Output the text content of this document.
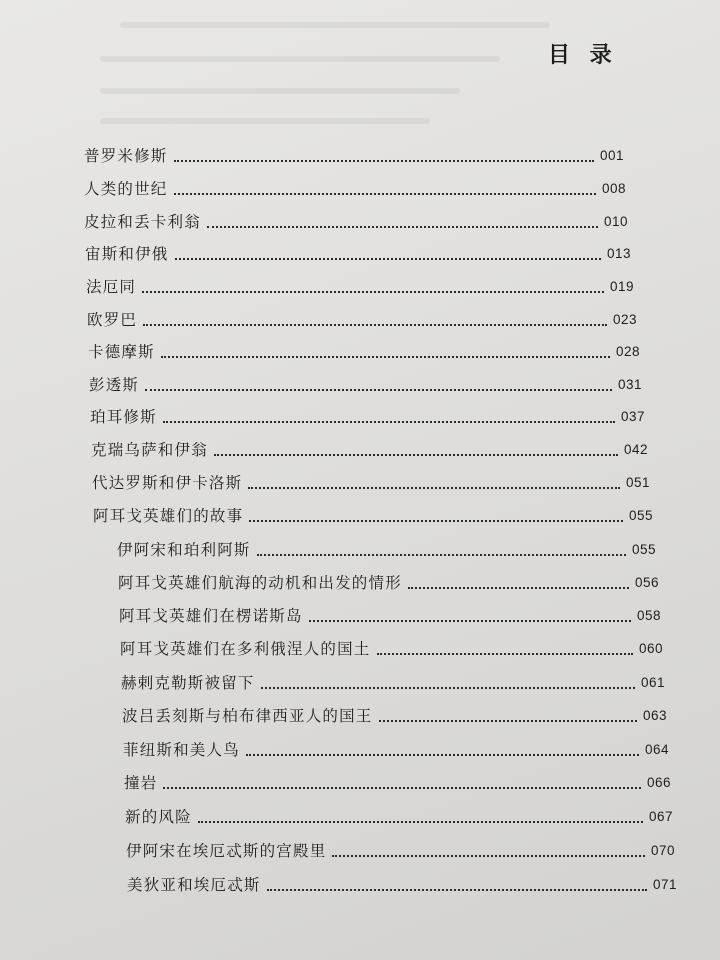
目 录
普罗米修斯	001
人类的世纪	008
皮拉和丢卡利翁	010
宙斯和伊俄	013
法厄同	019
欧罗巴	023
卡德摩斯	028
彭透斯	031
珀耳修斯	037
克瑞乌萨和伊翁	042
代达罗斯和伊卡洛斯	051
阿耳戈英雄们的故事	055
伊阿宋和珀利阿斯	055
阿耳戈英雄们航海的动机和出发的情形	056
阿耳戈英雄们在楞诺斯岛	058
阿耳戈英雄们在多利俄涅人的国土	060
赫剌克勒斯被留下	061
波吕丢刻斯与柏布律西亚人的国王	063
菲纽斯和美人鸟	064
撞岩	066
新的风险	067
伊阿宋在埃厄忒斯的宫殿里	070
美狄亚和埃厄忒斯	071
